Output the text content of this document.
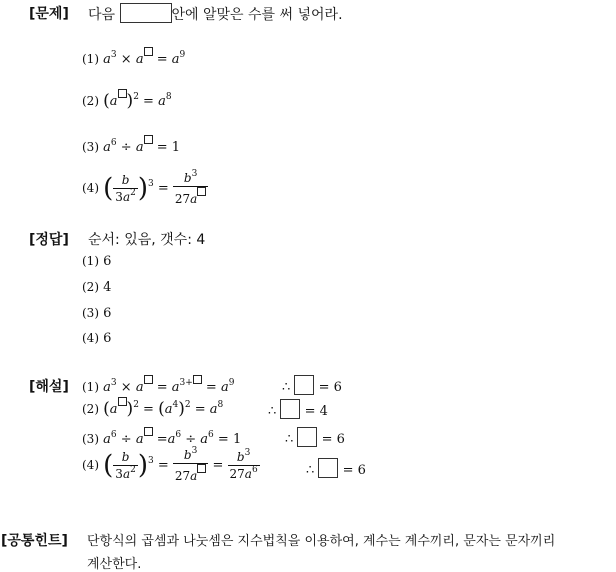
[문제] 다음	안에 알맞은 수를 써 넣어라.
(1) $a^3 \times a = a^9$
(2) (a )$^2 = a^8$
(3) $a^6 \div a = 1$
(4) ( $\frac{b}{3a^2} )^3 = \frac{b^3}{27a}$
[정답] 순서: 있음, 갯수: 4
(1) 6
(2) 4
(3) 6
(4) 6
[해설] (1) $a^3 \times a = a^{3+} = a^9$	∴ = 6
(2) (a )$^2 = (a^4)^2 = a^8$	∴ = 4
(3) $a^6 \div a =a^6 \div a^6 = 1$	∴ = 6
(4) ( $\frac{b}{3a^2} )^3 = \frac{b^3}{27a} = \frac{b^3}{27a^6}$	∴ = 6
[공통힌트] 단항식의 곱셈과 나눗셈은 지수법칙을 이용하여, 계수는 계수끼리, 문자는 문자끼리
계산한다.
